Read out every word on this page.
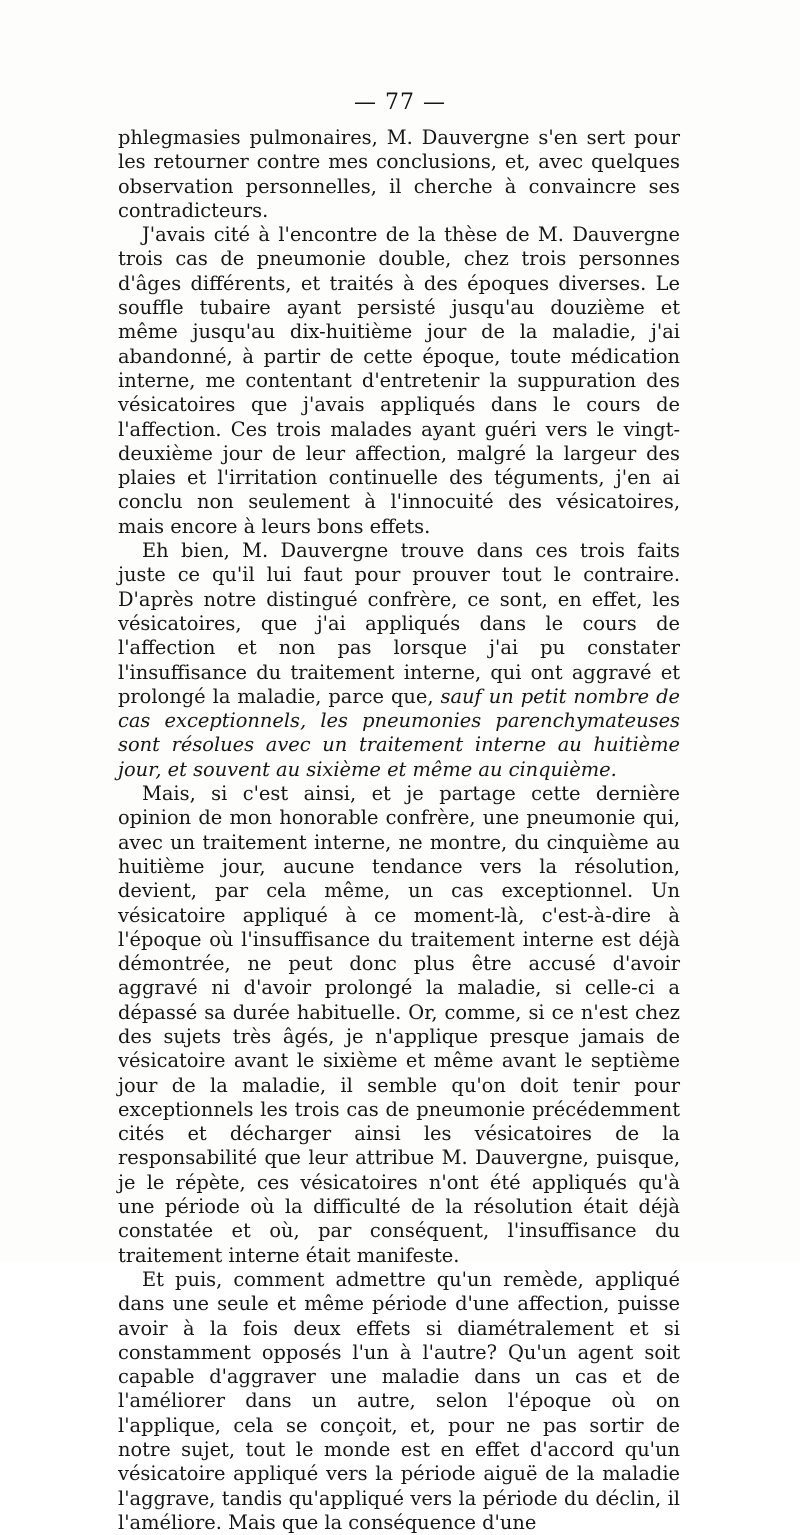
— 77 —

phlegmasies pulmonaires, M. Dauvergne s'en sert pour les retourner contre mes conclusions, et, avec quelques observation personnelles, il cherche à convaincre ses contradicteurs.

J'avais cité à l'encontre de la thèse de M. Dauvergne trois cas de pneumonie double, chez trois personnes d'âges différents, et traités à des époques diverses. Le souffle tubaire ayant persisté jusqu'au douzième et même jusqu'au dix-huitième jour de la maladie, j'ai abandonné, à partir de cette époque, toute médication interne, me contentant d'entretenir la suppuration des vésicatoires que j'avais appliqués dans le cours de l'affection. Ces trois malades ayant guéri vers le vingt-deuxième jour de leur affection, malgré la largeur des plaies et l'irritation continuelle des téguments, j'en ai conclu non seulement à l'innocuité des vésicatoires, mais encore à leurs bons effets.

Eh bien, M. Dauvergne trouve dans ces trois faits juste ce qu'il lui faut pour prouver tout le contraire. D'après notre distingué confrère, ce sont, en effet, les vésicatoires, que j'ai appliqués dans le cours de l'affection et non pas lorsque j'ai pu constater l'insuffisance du traitement interne, qui ont aggravé et prolongé la maladie, parce que, sauf un petit nombre de cas exceptionnels, les pneumonies parenchymateuses sont résolues avec un traitement interne au huitième jour, et souvent au sixième et même au cinquième.

Mais, si c'est ainsi, et je partage cette dernière opinion de mon honorable confrère, une pneumonie qui, avec un traitement interne, ne montre, du cinquième au huitième jour, aucune tendance vers la résolution, devient, par cela même, un cas exceptionnel. Un vésicatoire appliqué à ce moment-là, c'est-à-dire à l'époque où l'insuffisance du traitement interne est déjà démontrée, ne peut donc plus être accusé d'avoir aggravé ni d'avoir prolongé la maladie, si celle-ci a dépassé sa durée habituelle. Or, comme, si ce n'est chez des sujets très âgés, je n'applique presque jamais de vésicatoire avant le sixième et même avant le septième jour de la maladie, il semble qu'on doit tenir pour exceptionnels les trois cas de pneumonie précédemment cités et décharger ainsi les vésicatoires de la responsabilité que leur attribue M. Dauvergne, puisque, je le répète, ces vésicatoires n'ont été appliqués qu'à une période où la difficulté de la résolution était déjà constatée et où, par conséquent, l'insuffisance du traitement interne était manifeste.

Et puis, comment admettre qu'un remède, appliqué dans une seule et même période d'une affection, puisse avoir à la fois deux effets si diamétralement et si constamment opposés l'un à l'autre? Qu'un agent soit capable d'aggraver une maladie dans un cas et de l'améliorer dans un autre, selon l'époque où on l'applique, cela se conçoit, et, pour ne pas sortir de notre sujet, tout le monde est en effet d'accord qu'un vésicatoire appliqué vers la période aiguë de la maladie l'aggrave, tandis qu'appliqué vers la période du déclin, il l'améliore. Mais que la conséquence d'une
